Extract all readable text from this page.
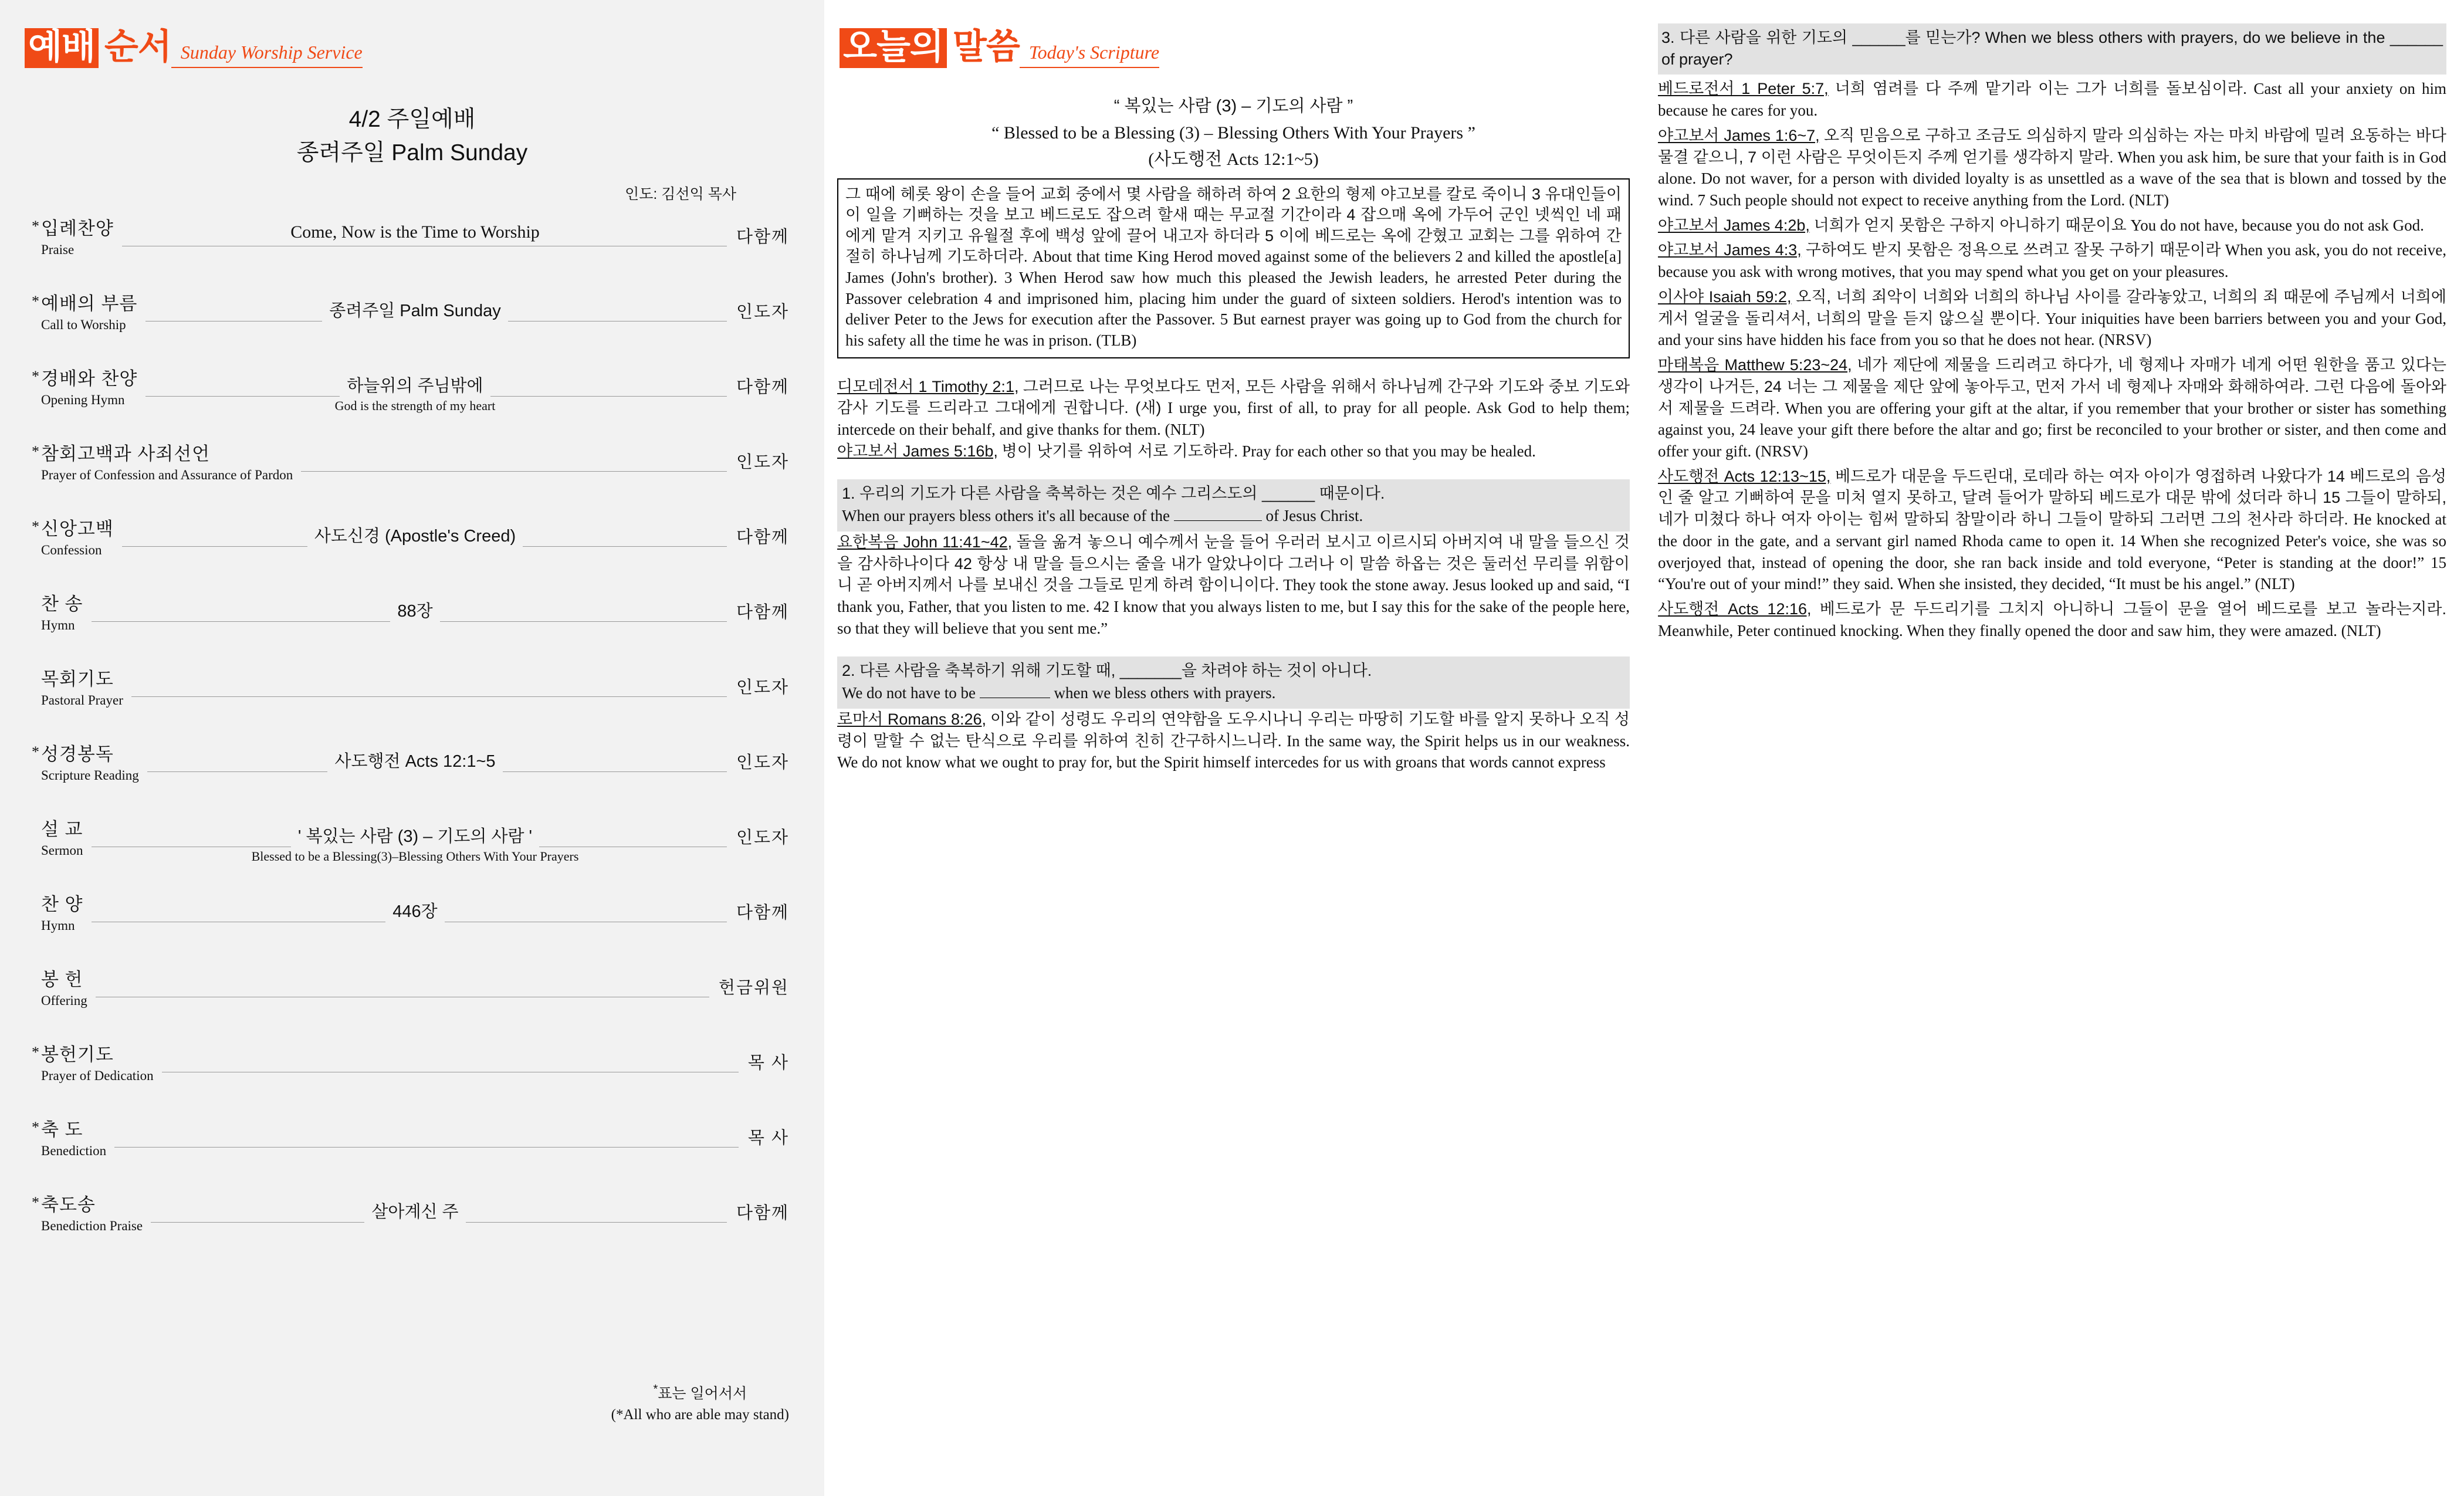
예배 순서 Sunday Worship Service
4/2 주일예배
종려주일 Palm Sunday
인도: 김선익 목사
* 입례찬양
Praise
Come, Now is the Time to Worship	다함께
* 예배의 부름
Call to Worship
종려주일 Palm Sunday	인도자
* 경배와 찬양
Opening Hymn
하늘위의 주님밖에
God is the strength of my heart
다함께
* 참회고백과 사죄선언
Prayer of Confession and Assurance of Pardon
인도자
* 신앙고백
Confession
사도신경 (Apostle's Creed)	다함께
찬 송
Hymn
88장	다함께
목회기도
Pastoral Prayer
인도자
* 성경봉독
Scripture Reading
사도행전 Acts 12:1~5	인도자
설 교
Sermon
' 복있는 사람 (3) – 기도의 사람 '
Blessed to be a Blessing(3)–Blessing Others With Your Prayers
인도자
찬 양
Hymn
446장	다함께
봉 헌
Offering
헌금위원
* 봉헌기도
Prayer of Dedication
목 사
* 축 도
Benediction
목 사
* 축도송
Benediction Praise
살아계신 주	다함께
*표는 일어서서
(*All who are able may stand)
오늘의 말씀 Today's Scripture
“ 복있는 사람 (3) – 기도의 사람 ”
“ Blessed to be a Blessing (3) – Blessing Others With Your Prayers ”
(사도행전 Acts 12:1~5)
그 때에 헤롯 왕이 손을 들어 교회 중에서 몇 사람을 해하려 하여 2 요한의 형제 야고보를 칼로 죽이니 3 유대인들이 이 일을 기뻐하는 것을 보고 베드로도 잡으려 할새 때는 무교절 기간이라 4 잡으매 옥에 가두어 군인 넷씩인 네 패에게 맡겨 지키고 유월절 후에 백성 앞에 끌어 내고자 하더라 5 이에 베드로는 옥에 갇혔고 교회는 그를 위하여 간절히 하나님께 기도하더라. About that time King Herod moved against some of the believers 2 and killed the apostle[a] James (John's brother). 3 When Herod saw how much this pleased the Jewish leaders, he arrested Peter during the Passover celebration 4 and imprisoned him, placing him under the guard of sixteen soldiers. Herod's intention was to deliver Peter to the Jews for execution after the Passover. 5 But earnest prayer was going up to God from the church for his safety all the time he was in prison. (TLB)
디모데전서 1 Timothy 2:1, 그러므로 나는 무엇보다도 먼저, 모든 사람을 위해서 하나님께 간구와 기도와 중보 기도와 감사 기도를 드리라고 그대에게 권합니다. (새) I urge you, first of all, to pray for all people. Ask God to help them; intercede on their behalf, and give thanks for them. (NLT)
야고보서 James 5:16b, 병이 낫기를 위하여 서로 기도하라. Pray for each other so that you may be healed.
1. 우리의 기도가 다른 사람을 축복하는 것은 예수 그리스도의 ______ 때문이다.
When our prayers bless others it's all because of the	of Jesus Christ.
요한복음 John 11:41~42, 돌을 옮겨 놓으니 예수께서 눈을 들어 우러러 보시고 이르시되 아버지여 내 말을 들으신 것을 감사하나이다 42 항상 내 말을 들으시는 줄을 내가 알았나이다 그러나 이 말씀 하옵는 것은 둘러선 무리를 위함이니 곧 아버지께서 나를 보내신 것을 그들로 믿게 하려 함이니이다. They took the stone away. Jesus looked up and said, “I thank you, Father, that you listen to me. 42 I know that you always listen to me, but I say this for the sake of the people here, so that they will believe that you sent me.”
2. 다른 사람을 축복하기 위해 기도할 때, _______을 차려야 하는 것이 아니다.
We do not have to be	when we bless others with prayers.
로마서 Romans 8:26, 이와 같이 성령도 우리의 연약함을 도우시나니 우리는 마땅히 기도할 바를 알지 못하나 오직 성령이 말할 수 없는 탄식으로 우리를 위하여 친히 간구하시느니라. In the same way, the Spirit helps us in our weakness. We do not know what we ought to pray for, but the Spirit himself intercedes for us with groans that words cannot express
3. 다른 사람을 위한 기도의 ______를 믿는가? When we bless others with prayers, do we believe in the ______ of prayer?
베드로전서 1 Peter 5:7, 너희 염려를 다 주께 맡기라 이는 그가 너희를 돌보심이라. Cast all your anxiety on him because he cares for you.
야고보서 James 1:6~7, 오직 믿음으로 구하고 조금도 의심하지 말라 의심하는 자는 마치 바람에 밀려 요동하는 바다 물결 같으니, 7 이런 사람은 무엇이든지 주께 얻기를 생각하지 말라. When you ask him, be sure that your faith is in God alone. Do not waver, for a person with divided loyalty is as unsettled as a wave of the sea that is blown and tossed by the wind. 7 Such people should not expect to receive anything from the Lord. (NLT)
야고보서 James 4:2b, 너희가 얻지 못함은 구하지 아니하기 때문이요 You do not have, because you do not ask God.
야고보서 James 4:3, 구하여도 받지 못함은 정욕으로 쓰려고 잘못 구하기 때문이라 When you ask, you do not receive, because you ask with wrong motives, that you may spend what you get on your pleasures.
이사야 Isaiah 59:2, 오직, 너희 죄악이 너희와 너희의 하나님 사이를 갈라놓았고, 너희의 죄 때문에 주님께서 너희에게서 얼굴을 돌리셔서, 너희의 말을 듣지 않으실 뿐이다. Your iniquities have been barriers between you and your God, and your sins have hidden his face from you so that he does not hear. (NRSV)
마태복음 Matthew 5:23~24, 네가 제단에 제물을 드리려고 하다가, 네 형제나 자매가 네게 어떤 원한을 품고 있다는 생각이 나거든, 24 너는 그 제물을 제단 앞에 놓아두고, 먼저 가서 네 형제나 자매와 화해하여라. 그런 다음에 돌아와서 제물을 드려라. When you are offering your gift at the altar, if you remember that your brother or sister has something against you, 24 leave your gift there before the altar and go; first be reconciled to your brother or sister, and then come and offer your gift. (NRSV)
사도행전 Acts 12:13~15, 베드로가 대문을 두드린대, 로데라 하는 여자 아이가 영접하려 나왔다가 14 베드로의 음성인 줄 알고 기뻐하여 문을 미처 열지 못하고, 달려 들어가 말하되 베드로가 대문 밖에 섰더라 하니 15 그들이 말하되, 네가 미쳤다 하나 여자 아이는 힘써 말하되 참말이라 하니 그들이 말하되 그러면 그의 천사라 하더라. He knocked at the door in the gate, and a servant girl named Rhoda came to open it. 14 When she recognized Peter's voice, she was so overjoyed that, instead of opening the door, she ran back inside and told everyone, “Peter is standing at the door!” 15 “You're out of your mind!” they said. When she insisted, they decided, “It must be his angel.” (NLT)
사도행전 Acts 12:16, 베드로가 문 두드리기를 그치지 아니하니 그들이 문을 열어 베드로를 보고 놀라는지라. Meanwhile, Peter continued knocking. When they finally opened the door and saw him, they were amazed. (NLT)
